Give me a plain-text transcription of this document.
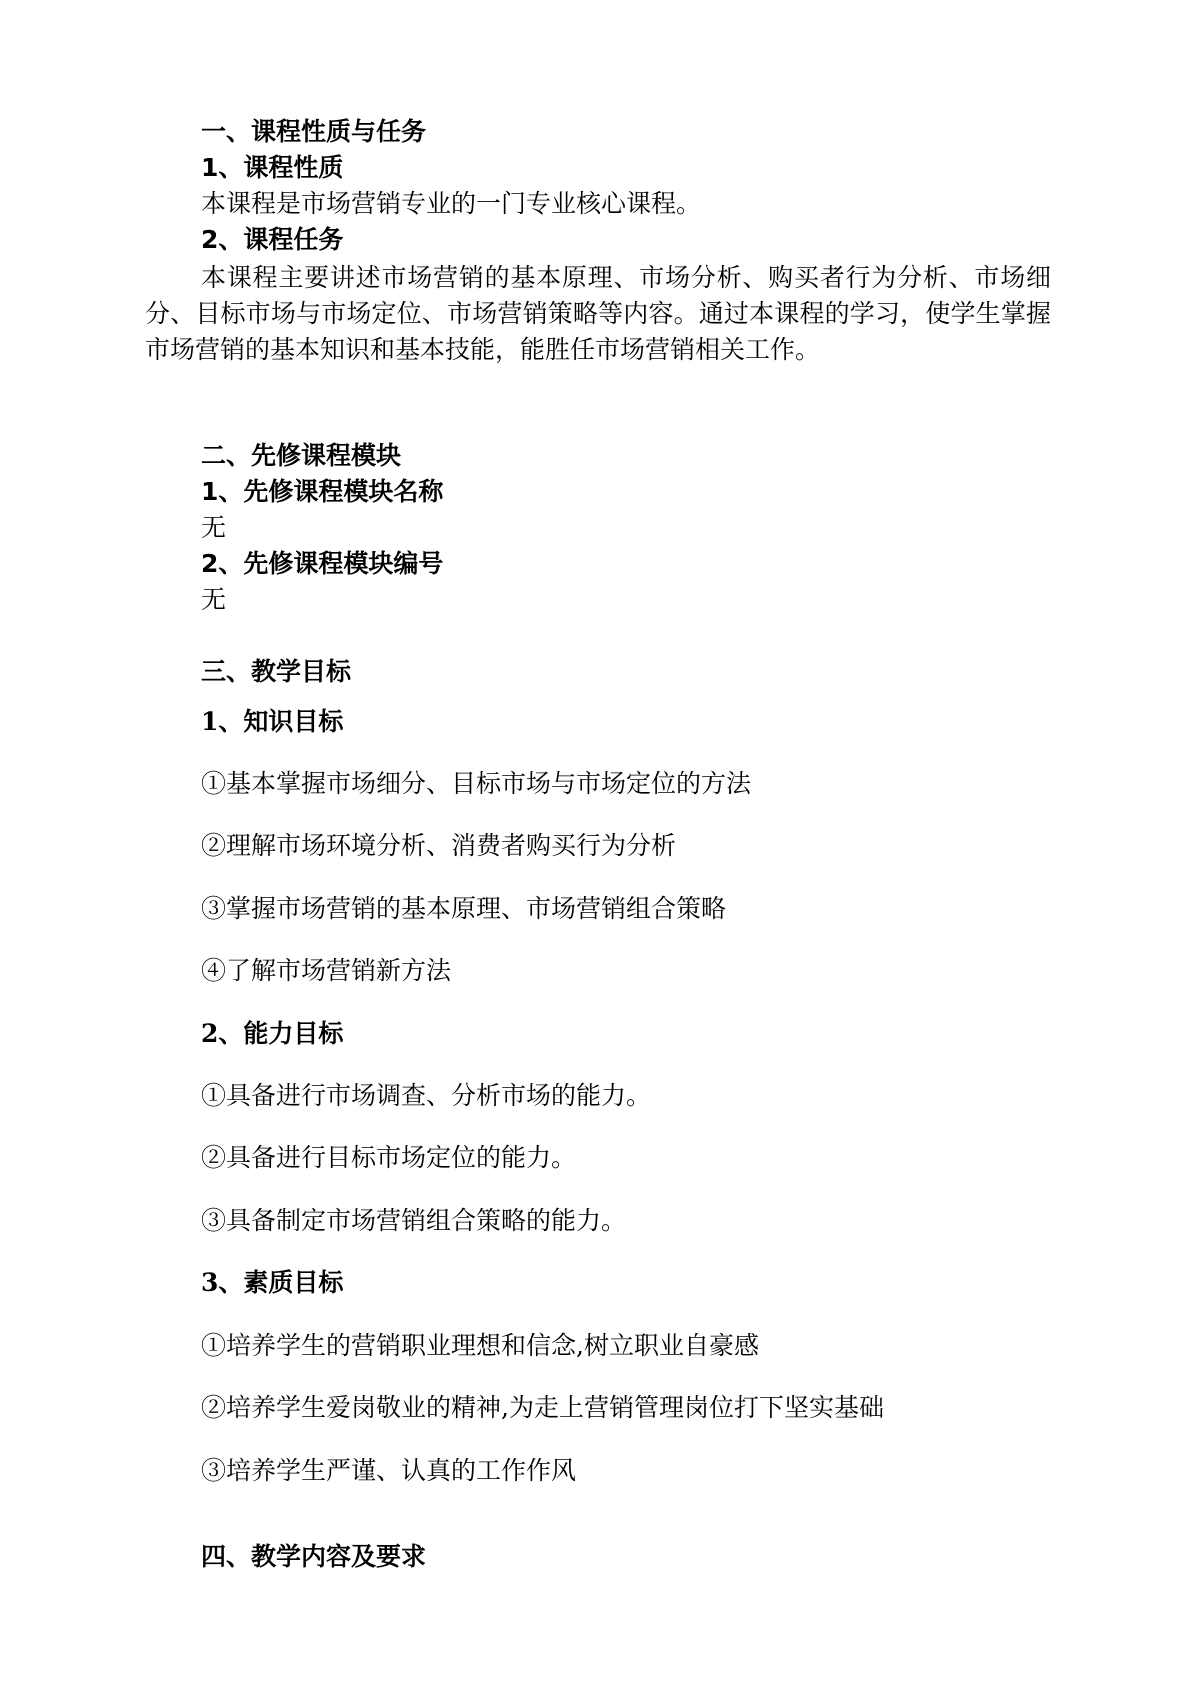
一、课程性质与任务
1、课程性质
本课程是市场营销专业的一门专业核心课程。
2、课程任务
本课程主要讲述市场营销的基本原理、市场分析、购买者行为分析、市场细分、目标市场与市场定位、市场营销策略等内容。通过本课程的学习，使学生掌握市场营销的基本知识和基本技能，能胜任市场营销相关工作。
二、先修课程模块
1、先修课程模块名称
无
2、先修课程模块编号
无
三、教学目标
1、知识目标
①基本掌握市场细分、目标市场与市场定位的方法
②理解市场环境分析、消费者购买行为分析
③掌握市场营销的基本原理、市场营销组合策略
④了解市场营销新方法
2、能力目标
①具备进行市场调查、分析市场的能力。
②具备进行目标市场定位的能力。
③具备制定市场营销组合策略的能力。
3、素质目标
①培养学生的营销职业理想和信念,树立职业自豪感
②培养学生爱岗敬业的精神,为走上营销管理岗位打下坚实基础
③培养学生严谨、认真的工作作风
四、教学内容及要求
